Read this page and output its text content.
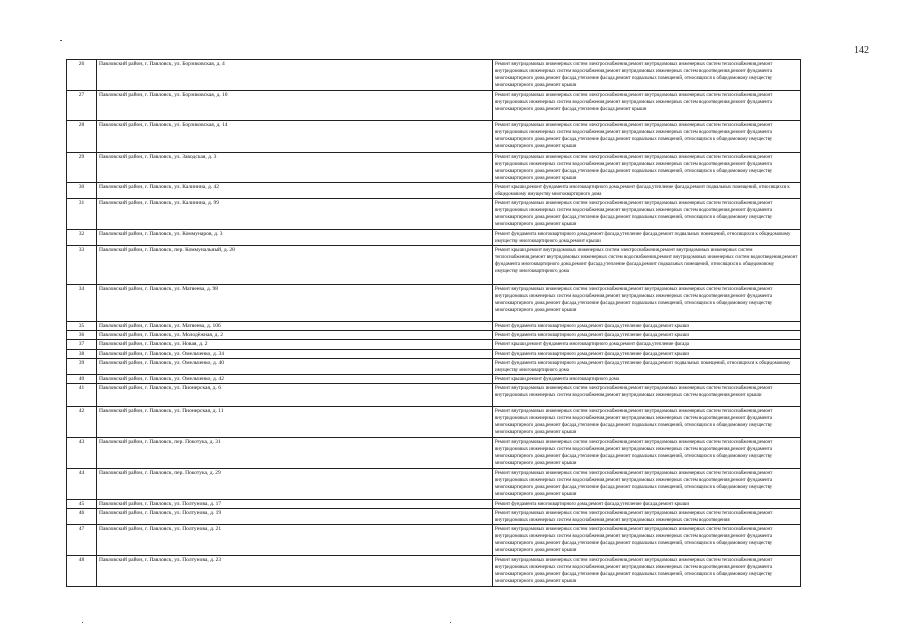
142
26	Павловский район, г. Павловск, ул. Борзиковская, д. 4	Ремонт внутридомовых инженерных систем электроснабжения,ремонт внутридомовых инженерных систем теплоснабжения,ремонт внутридомовых инженерных систем водоснабжения,ремонт внутридомовых инженерных систем водоотведения,ремонт фундамента многоквартирного дома,ремонт фасада,утепление фасада,ремонт подвальных помещений, относящихся к общедомовому имуществу многоквартирного дома,ремонт крыши
27	Павловский район, г. Павловск, ул. Борзиковская, д. 10	Ремонт внутридомовых инженерных систем электроснабжения,ремонт внутридомовых инженерных систем теплоснабжения,ремонт внутридомовых инженерных систем водоснабжения,ремонт внутридомовых инженерных систем водоотведения,ремонт фундамента многоквартирного дома,ремонт фасада,утепление фасада,ремонт крыши
28	Павловский район, г. Павловск, ул. Борзиковская, д. 14	Ремонт внутридомовых инженерных систем электроснабжения,ремонт внутридомовых инженерных систем теплоснабжения,ремонт внутридомовых инженерных систем водоснабжения,ремонт внутридомовых инженерных систем водоотведения,ремонт фундамента многоквартирного дома,ремонт фасада,утепление фасада,ремонт подвальных помещений, относящихся к общедомовому имуществу многоквартирного дома,ремонт крыши
29	Павловский район, г. Павловск, ул. Заводская, д. 3	Ремонт внутридомовых инженерных систем электроснабжения,ремонт внутридомовых инженерных систем теплоснабжения,ремонт внутридомовых инженерных систем водоснабжения,ремонт внутридомовых инженерных систем водоотведения,ремонт фундамента многоквартирного дома,ремонт фасада,утепление фасада,ремонт подвальных помещений, относящихся к общедомовому имуществу многоквартирного дома,ремонт крыши
30	Павловский район, г. Павловск, ул. Калинина, д. 42	Ремонт крыши,ремонт фундамента многоквартирного дома,ремонт фасада,утепление фасада,ремонт подвальных помещений, относящихся к общедомовому имуществу многоквартирного дома
31	Павловский район, г. Павловск, ул. Калинина, д. 99	Ремонт внутридомовых инженерных систем электроснабжения,ремонт внутридомовых инженерных систем теплоснабжения,ремонт внутридомовых инженерных систем водоснабжения,ремонт внутридомовых инженерных систем водоотведения,ремонт фундамента многоквартирного дома,ремонт фасада,утепление фасада,ремонт подвальных помещений, относящихся к общедомовому имуществу многоквартирного дома,ремонт крыши
32	Павловский район, г. Павловск, ул. Коммунаров, д. 3	Ремонт фундамента многоквартирного дома,ремонт фасада,утепление фасада,ремонт подвальных помещений, относящихся к общедомовому имуществу многоквартирного дома,ремонт крыши
33	Павловский район, г. Павловск, пер. Коммунальный, д. 28	Ремонт крыши,ремонт внутридомовых инженерных систем электроснабжения,ремонт внутридомовых инженерных систем теплоснабжения,ремонт внутридомовых инженерных систем водоснабжения,ремонт внутридомовых инженерных систем водоотведения,ремонт фундамента многоквартирного дома,ремонт фасада,утепление фасада,ремонт подвальных помещений, относящихся к общедомовому имуществу многоквартирного дома
34	Павловский район, г. Павловск, ул. Матвеева, д. 98	Ремонт внутридомовых инженерных систем электроснабжения,ремонт внутридомовых инженерных систем теплоснабжения,ремонт внутридомовых инженерных систем водоснабжения,ремонт внутридомовых инженерных систем водоотведения,ремонт фундамента многоквартирного дома,ремонт фасада,утепление фасада,ремонт подвальных помещений, относящихся к общедомовому имуществу многоквартирного дома,ремонт крыши
35	Павловский район, г. Павловск, ул. Матвеева, д. 106	Ремонт фундамента многоквартирного дома,ремонт фасада,утепление фасада,ремонт крыши
36	Павловский район, г. Павловск, ул. Молодёжная, д. 2	Ремонт фундамента многоквартирного дома,ремонт фасада,утепление фасада,ремонт крыши
37	Павловский район, г. Павловск, ул. Новая, д. 2	Ремонт крыши,ремонт фундамента многоквартирного дома,ремонт фасада,утепление фасада
38	Павловский район, г. Павловск, ул. Омельченко, д. 34	Ремонт фундамента многоквартирного дома,ремонт фасада,утепление фасада,ремонт крыши
39	Павловский район, г. Павловск, ул. Омельченко, д. 40	Ремонт фундамента многоквартирного дома,ремонт фасада,утепление фасада,ремонт подвальных помещений, относящихся к общедомовому имуществу многоквартирного дома
40	Павловский район, г. Павловск, ул. Омельченко, д. 42	Ремонт крыши,ремонт фундамента многоквартирного дома
41	Павловский район, г. Павловск, ул. Пионерская, д. 6	Ремонт внутридомовых инженерных систем электроснабжения,ремонт внутридомовых инженерных систем теплоснабжения,ремонт внутридомовых инженерных систем водоснабжения,ремонт внутридомовых инженерных систем водоотведения,ремонт крыши
42	Павловский район, г. Павловск, ул. Пионерская, д. 11	Ремонт внутридомовых инженерных систем электроснабжения,ремонт внутридомовых инженерных систем теплоснабжения,ремонт внутридомовых инженерных систем водоснабжения,ремонт внутридомовых инженерных систем водоотведения,ремонт фундамента многоквартирного дома,ремонт фасада,утепление фасада,ремонт подвальных помещений, относящихся к общедомовому имуществу многоквартирного дома,ремонт крыши
43	Павловский район, г. Павловск, пер. Покотука, д. 31	Ремонт внутридомовых инженерных систем электроснабжения,ремонт внутридомовых инженерных систем теплоснабжения,ремонт внутридомовых инженерных систем водоснабжения,ремонт внутридомовых инженерных систем водоотведения,ремонт фундамента многоквартирного дома,ремонт фасада,утепление фасада,ремонт подвальных помещений, относящихся к общедомовому имуществу многоквартирного дома,ремонт крыши
44	Павловский район, г. Павловск, пер. Покотука, д. 29	Ремонт внутридомовых инженерных систем электроснабжения,ремонт внутридомовых инженерных систем теплоснабжения,ремонт внутридомовых инженерных систем водоснабжения,ремонт внутридомовых инженерных систем водоотведения,ремонт фундамента многоквартирного дома,ремонт фасада,утепление фасада,ремонт подвальных помещений, относящихся к общедомовому имуществу многоквартирного дома,ремонт крыши
45	Павловский район, г. Павловск, ул. Полтунова, д. 17	Ремонт фундамента многоквартирного дома,ремонт фасада,утепление фасада,ремонт крыши
46	Павловский район, г. Павловск, ул. Полтунова, д. 19	Ремонт внутридомовых инженерных систем электроснабжения,ремонт внутридомовых инженерных систем теплоснабжения,ремонт внутридомовых инженерных систем водоснабжения,ремонт внутридомовых инженерных систем водоотведения
47	Павловский район, г. Павловск, ул. Полтунова, д. 21	Ремонт внутридомовых инженерных систем электроснабжения,ремонт внутридомовых инженерных систем теплоснабжения,ремонт внутридомовых инженерных систем водоснабжения,ремонт внутридомовых инженерных систем водоотведения,ремонт фундамента многоквартирного дома,ремонт фасада,утепление фасада,ремонт подвальных помещений, относящихся к общедомовому имуществу многоквартирного дома,ремонт крыши
48	Павловский район, г. Павловск, ул. Полтунова, д. 23	Ремонт внутридомовых инженерных систем электроснабжения,ремонт внутридомовых инженерных систем теплоснабжения,ремонт внутридомовых инженерных систем водоснабжения,ремонт внутридомовых инженерных систем водоотведения,ремонт фундамента многоквартирного дома,ремонт фасада,утепление фасада,ремонт подвальных помещений, относящихся к общедомовому имуществу многоквартирного дома,ремонт крыши
